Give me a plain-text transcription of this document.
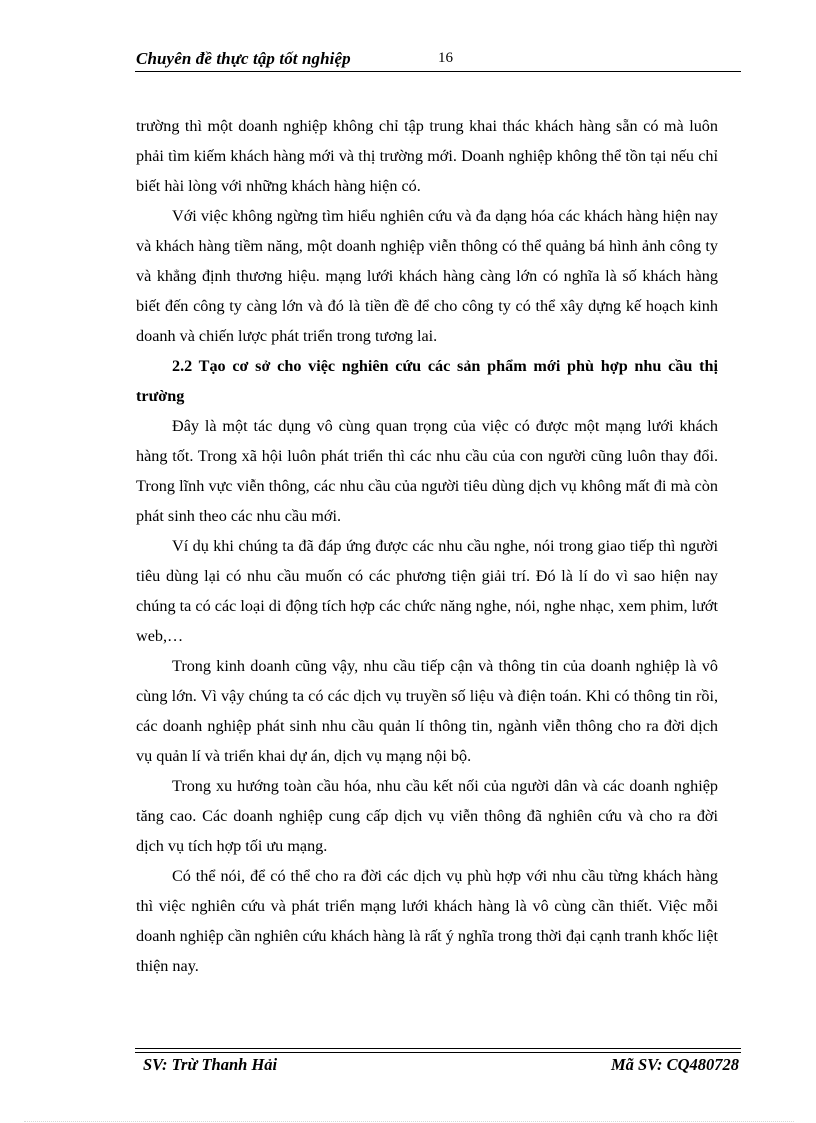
Chuyên đề thực tập tốt nghiệp	16

trường thì một doanh nghiệp không chỉ tập trung khai thác khách hàng sẵn có mà luôn phải tìm kiếm khách hàng mới và thị trường mới. Doanh nghiệp không thể tồn tại nếu chỉ biết hài lòng với những khách hàng hiện có.

Với việc không ngừng tìm hiểu nghiên cứu và đa dạng hóa các khách hàng hiện nay và khách hàng tiềm năng, một doanh nghiệp viễn thông có thể quảng bá hình ảnh công ty và khẳng định thương hiệu. mạng lưới khách hàng càng lớn có nghĩa là số khách hàng biết đến công ty càng lớn và đó là tiền đề để cho công ty có thể xây dựng kế hoạch kinh doanh và chiến lược phát triển trong tương lai.

2.2 Tạo cơ sở cho việc nghiên cứu các sản phẩm mới phù hợp nhu cầu thị trường

Đây là một tác dụng vô cùng quan trọng của việc có được một mạng lưới khách hàng tốt. Trong xã hội luôn phát triển thì các nhu cầu của con người cũng luôn thay đổi. Trong lĩnh vực viễn thông, các nhu cầu của người tiêu dùng dịch vụ không mất đi mà còn phát sinh theo các nhu cầu mới.

Ví dụ khi chúng ta đã đáp ứng được các nhu cầu nghe, nói trong giao tiếp thì người tiêu dùng lại có nhu cầu muốn có các phương tiện giải trí. Đó là lí do vì sao hiện nay chúng ta có các loại di động tích hợp các chức năng nghe, nói, nghe nhạc, xem phim, lướt web,…

Trong kinh doanh cũng vậy, nhu cầu tiếp cận và thông tin của doanh nghiệp là vô cùng lớn. Vì vậy chúng ta có các dịch vụ truyền số liệu và điện toán. Khi có thông tin rồi, các doanh nghiệp phát sinh nhu cầu quản lí thông tin, ngành viễn thông cho ra đời dịch vụ quản lí và triển khai dự án, dịch vụ mạng nội bộ.

Trong xu hướng toàn cầu hóa, nhu cầu kết nối của người dân và các doanh nghiệp tăng cao. Các doanh nghiệp cung cấp dịch vụ viễn thông đã nghiên cứu và cho ra đời dịch vụ tích hợp tối ưu mạng.

Có thể nói, để có thể cho ra đời các dịch vụ phù hợp với nhu cầu từng khách hàng thì việc nghiên cứu và phát triển mạng lưới khách hàng là vô cùng cần thiết. Việc mỗi doanh nghiệp cần nghiên cứu khách hàng là rất ý nghĩa trong thời đại cạnh tranh khốc liệt thiện nay.

SV: Trừ Thanh Hải	Mã SV: CQ480728
